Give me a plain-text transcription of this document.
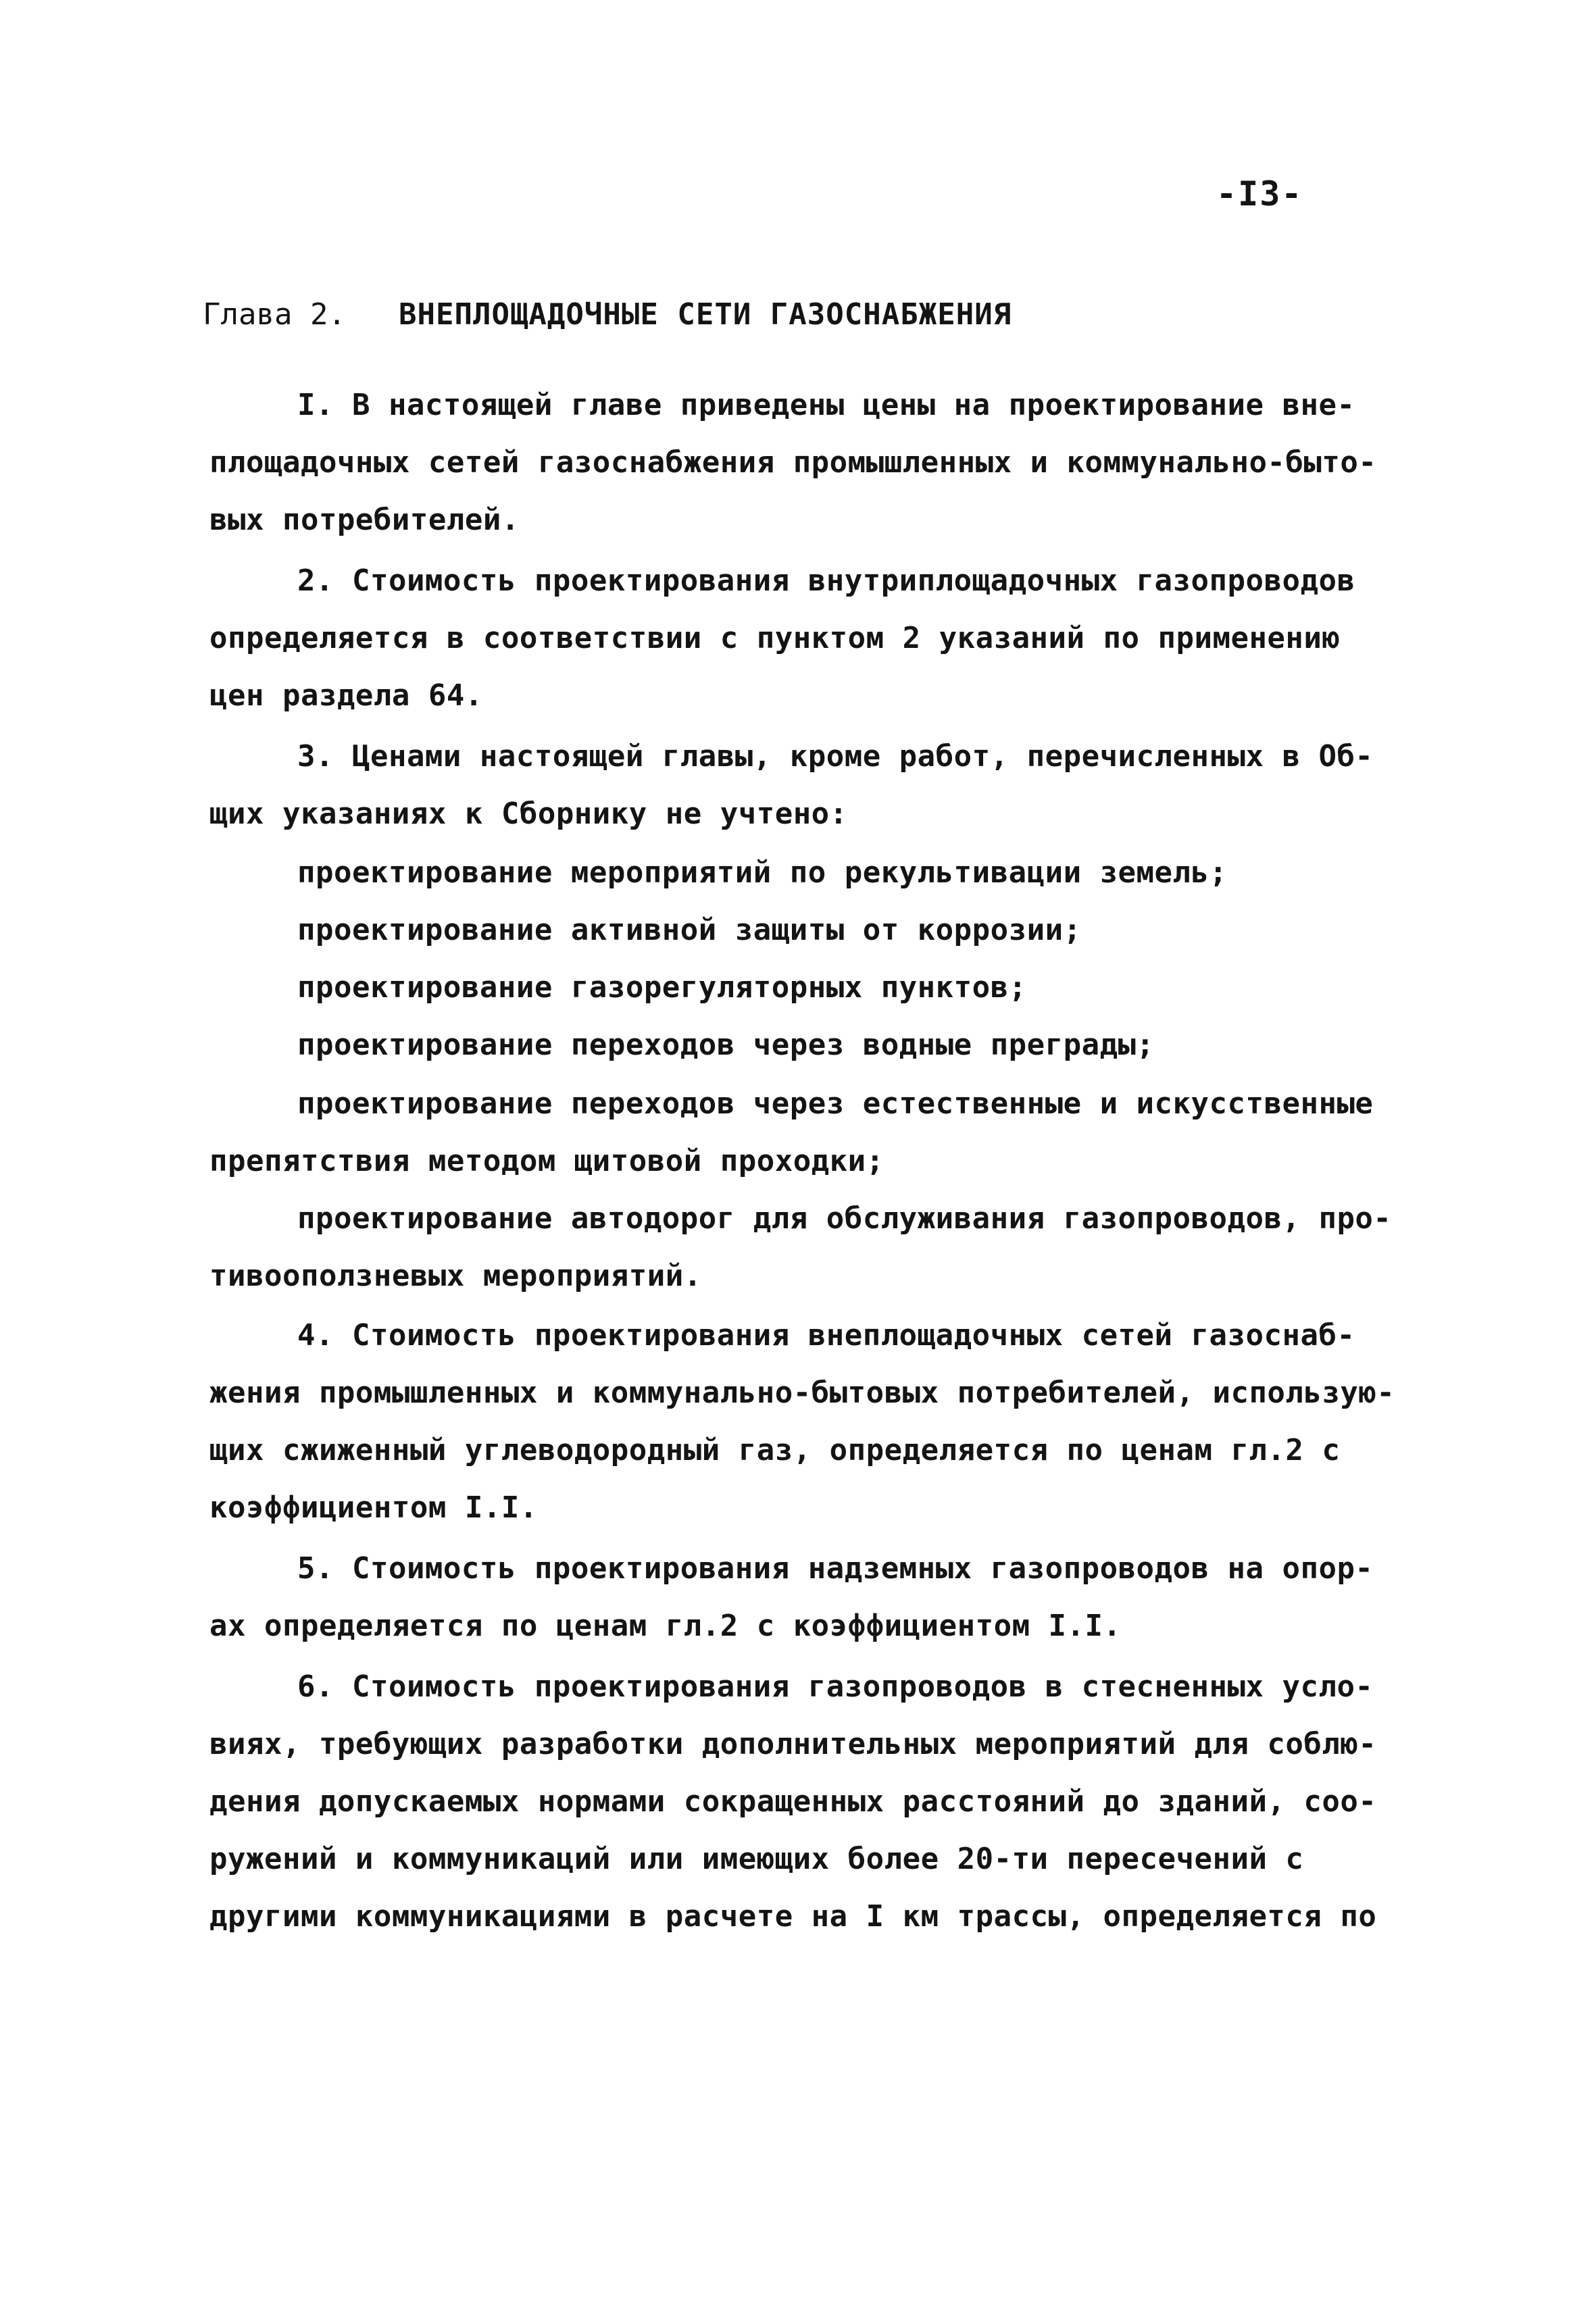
-I3-
Глава 2. ВНЕПЛОЩАДОЧНЫЕ СЕТИ ГАЗОСНАБЖЕНИЯ
I. В настоящей главе приведены цены на проектирование вне-
площадочных сетей газоснабжения промышленных и коммунально-быто-
вых потребителей.
2. Стоимость проектирования внутриплощадочных газопроводов
определяется в соответствии с пунктом 2 указаний по применению
цен раздела 64.
3. Ценами настоящей главы, кроме работ, перечисленных в Об-
щих указаниях к Сборнику не учтено:
проектирование мероприятий по рекультивации земель;
проектирование активной защиты от коррозии;
проектирование газорегуляторных пунктов;
проектирование переходов через водные преграды;
проектирование переходов через естественные и искусственные
препятствия методом щитовой проходки;
проектирование автодорог для обслуживания газопроводов, про-
тивооползневых мероприятий.
4. Стоимость проектирования внеплощадочных сетей газоснаб-
жения промышленных и коммунально-бытовых потребителей, использую-
щих сжиженный углеводородный газ, определяется по ценам гл.2 с
коэффициентом I.I.
5. Стоимость проектирования надземных газопроводов на опор-
ах определяется по ценам гл.2 с коэффициентом I.I.
6. Стоимость проектирования газопроводов в стесненных усло-
виях, требующих разработки дополнительных мероприятий для соблю-
дения допускаемых нормами сокращенных расстояний до зданий, соо-
ружений и коммуникаций или имеющих более 20-ти пересечений с
другими коммуникациями в расчете на I км трассы, определяется по
